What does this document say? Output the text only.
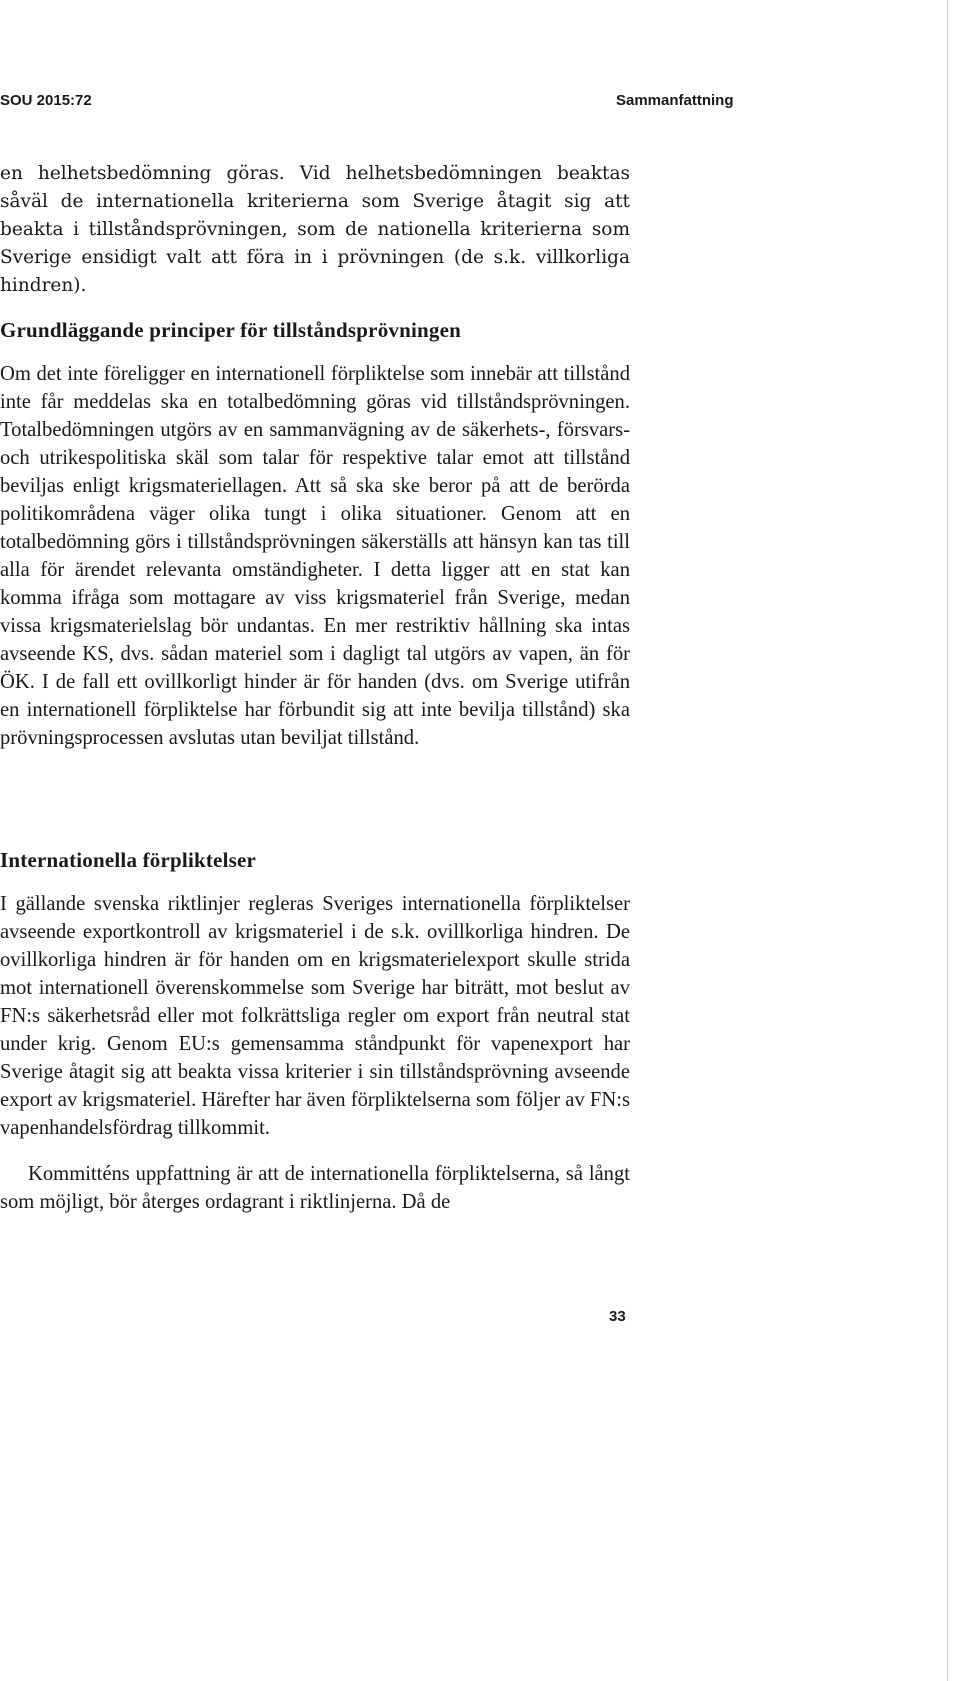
SOU 2015:72	Sammanfattning

en helhetsbedömning göras. Vid helhetsbedömningen beaktas såväl de internationella kriterierna som Sverige åtagit sig att beakta i tillståndsprövningen, som de nationella kriterierna som Sverige ensidigt valt att föra in i prövningen (de s.k. villkorliga hindren).

Grundläggande principer för tillståndsprövningen

Om det inte föreligger en internationell förpliktelse som innebär att tillstånd inte får meddelas ska en totalbedömning göras vid tillståndsprövningen. Totalbedömningen utgörs av en sammanvägning av de säkerhets-, försvars- och utrikespolitiska skäl som talar för respektive talar emot att tillstånd beviljas enligt krigsmateriellagen. Att så ska ske beror på att de berörda politikområdena väger olika tungt i olika situationer. Genom att en totalbedömning görs i tillståndsprövningen säkerställs att hänsyn kan tas till alla för ärendet relevanta omständigheter. I detta ligger att en stat kan komma ifråga som mottagare av viss krigsmateriel från Sverige, medan vissa krigsmaterielslag bör undantas. En mer restriktiv hållning ska intas avseende KS, dvs. sådan materiel som i dagligt tal utgörs av vapen, än för ÖK. I de fall ett ovillkorligt hinder är för handen (dvs. om Sverige utifrån en internationell förpliktelse har förbundit sig att inte bevilja tillstånd) ska prövningsprocessen avslutas utan beviljat tillstånd.

Internationella förpliktelser

I gällande svenska riktlinjer regleras Sveriges internationella förpliktelser avseende exportkontroll av krigsmateriel i de s.k. ovillkorliga hindren. De ovillkorliga hindren är för handen om en krigsmaterielexport skulle strida mot internationell överenskommelse som Sverige har biträtt, mot beslut av FN:s säkerhetsråd eller mot folkrättsliga regler om export från neutral stat under krig. Genom EU:s gemensamma ståndpunkt för vapenexport har Sverige åtagit sig att beakta vissa kriterier i sin tillståndsprövning avseende export av krigsmateriel. Härefter har även förpliktelserna som följer av FN:s vapenhandelsfördrag tillkommit.

Kommitténs uppfattning är att de internationella förpliktelserna, så långt som möjligt, bör återges ordagrant i riktlinjerna. Då de

33
